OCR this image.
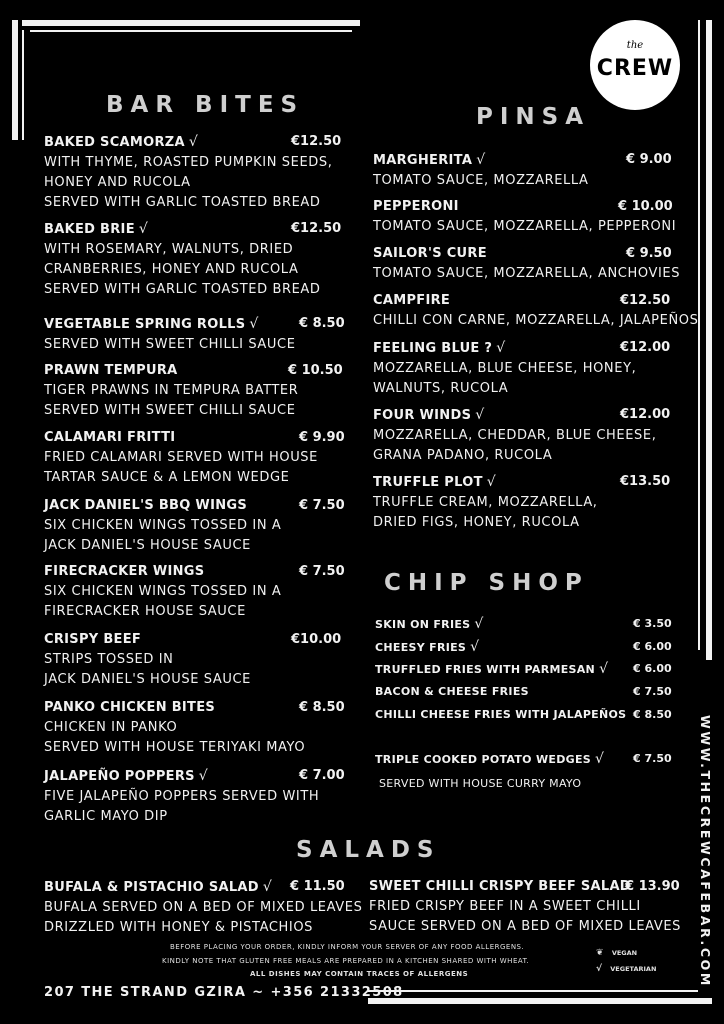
the
CREW
BAR BITES	PINSA
CHIP SHOP
SALADS
BAKED SCAMORZA √	€12.50
WITH THYME, ROASTED PUMPKIN SEEDS,
HONEY AND RUCOLA
SERVED WITH GARLIC TOASTED BREAD
BAKED BRIE √	€12.50
WITH ROSEMARY, WALNUTS, DRIED
CRANBERRIES, HONEY AND RUCOLA
SERVED WITH GARLIC TOASTED BREAD
VEGETABLE SPRING ROLLS √	€ 8.50
SERVED WITH SWEET CHILLI SAUCE
PRAWN TEMPURA	€ 10.50
TIGER PRAWNS IN TEMPURA BATTER
SERVED WITH SWEET CHILLI SAUCE
CALAMARI FRITTI	€ 9.90
FRIED CALAMARI SERVED WITH HOUSE
TARTAR SAUCE & A LEMON WEDGE
JACK DANIEL'S BBQ WINGS	€ 7.50
SIX CHICKEN WINGS TOSSED IN A
JACK DANIEL'S HOUSE SAUCE
FIRECRACKER WINGS	€ 7.50
SIX CHICKEN WINGS TOSSED IN A
FIRECRACKER HOUSE SAUCE
CRISPY BEEF	€10.00
STRIPS TOSSED IN
JACK DANIEL'S HOUSE SAUCE
PANKO CHICKEN BITES	€ 8.50
CHICKEN IN PANKO
SERVED WITH HOUSE TERIYAKI MAYO
JALAPEÑO POPPERS √	€ 7.00
FIVE JALAPEÑO POPPERS SERVED WITH
GARLIC MAYO DIP
MARGHERITA √	€ 9.00
TOMATO SAUCE, MOZZARELLA
PEPPERONI	€ 10.00
TOMATO SAUCE, MOZZARELLA, PEPPERONI
SAILOR'S CURE	€ 9.50
TOMATO SAUCE, MOZZARELLA, ANCHOVIES
CAMPFIRE	€12.50
CHILLI CON CARNE, MOZZARELLA, JALAPEÑOS
FEELING BLUE ? √	€12.00
MOZZARELLA, BLUE CHEESE, HONEY,
WALNUTS, RUCOLA
FOUR WINDS √	€12.00
MOZZARELLA, CHEDDAR, BLUE CHEESE,
GRANA PADANO, RUCOLA
TRUFFLE PLOT √	€13.50
TRUFFLE CREAM, MOZZARELLA,
DRIED FIGS, HONEY, RUCOLA
SKIN ON FRIES √	€ 3.50
CHEESY FRIES √	€ 6.00
TRUFFLED FRIES WITH PARMESAN √ € 6.00
BACON & CHEESE FRIES	€ 7.50
CHILLI CHEESE FRIES WITH JALAPEÑOS € 8.50
TRIPLE COOKED POTATO WEDGES √	€ 7.50
SERVED WITH HOUSE CURRY MAYO
BUFALA & PISTACHIO SALAD √	€ 11.50
BUFALA SERVED ON A BED OF MIXED LEAVES
DRIZZLED WITH HONEY & PISTACHIOS
SWEET CHILLI CRISPY BEEF SALAD
€ 13.90
FRIED CRISPY BEEF IN A SWEET CHILLI
SAUCE SERVED ON A BED OF MIXED LEAVES
BEFORE PLACING YOUR ORDER, KINDLY INFORM YOUR SERVER OF ANY FOOD ALLERGENS.
KINDLY NOTE THAT GLUTEN FREE MEALS ARE PREPARED IN A KITCHEN SHARED WITH WHEAT.
ALL DISHES MAY CONTAIN TRACES OF ALLERGENS
❦ VEGAN
√ VEGETARIAN
207 THE STRAND GZIRA ~ +356 21332508
WWW.THECREWCAFEBAR.COM
